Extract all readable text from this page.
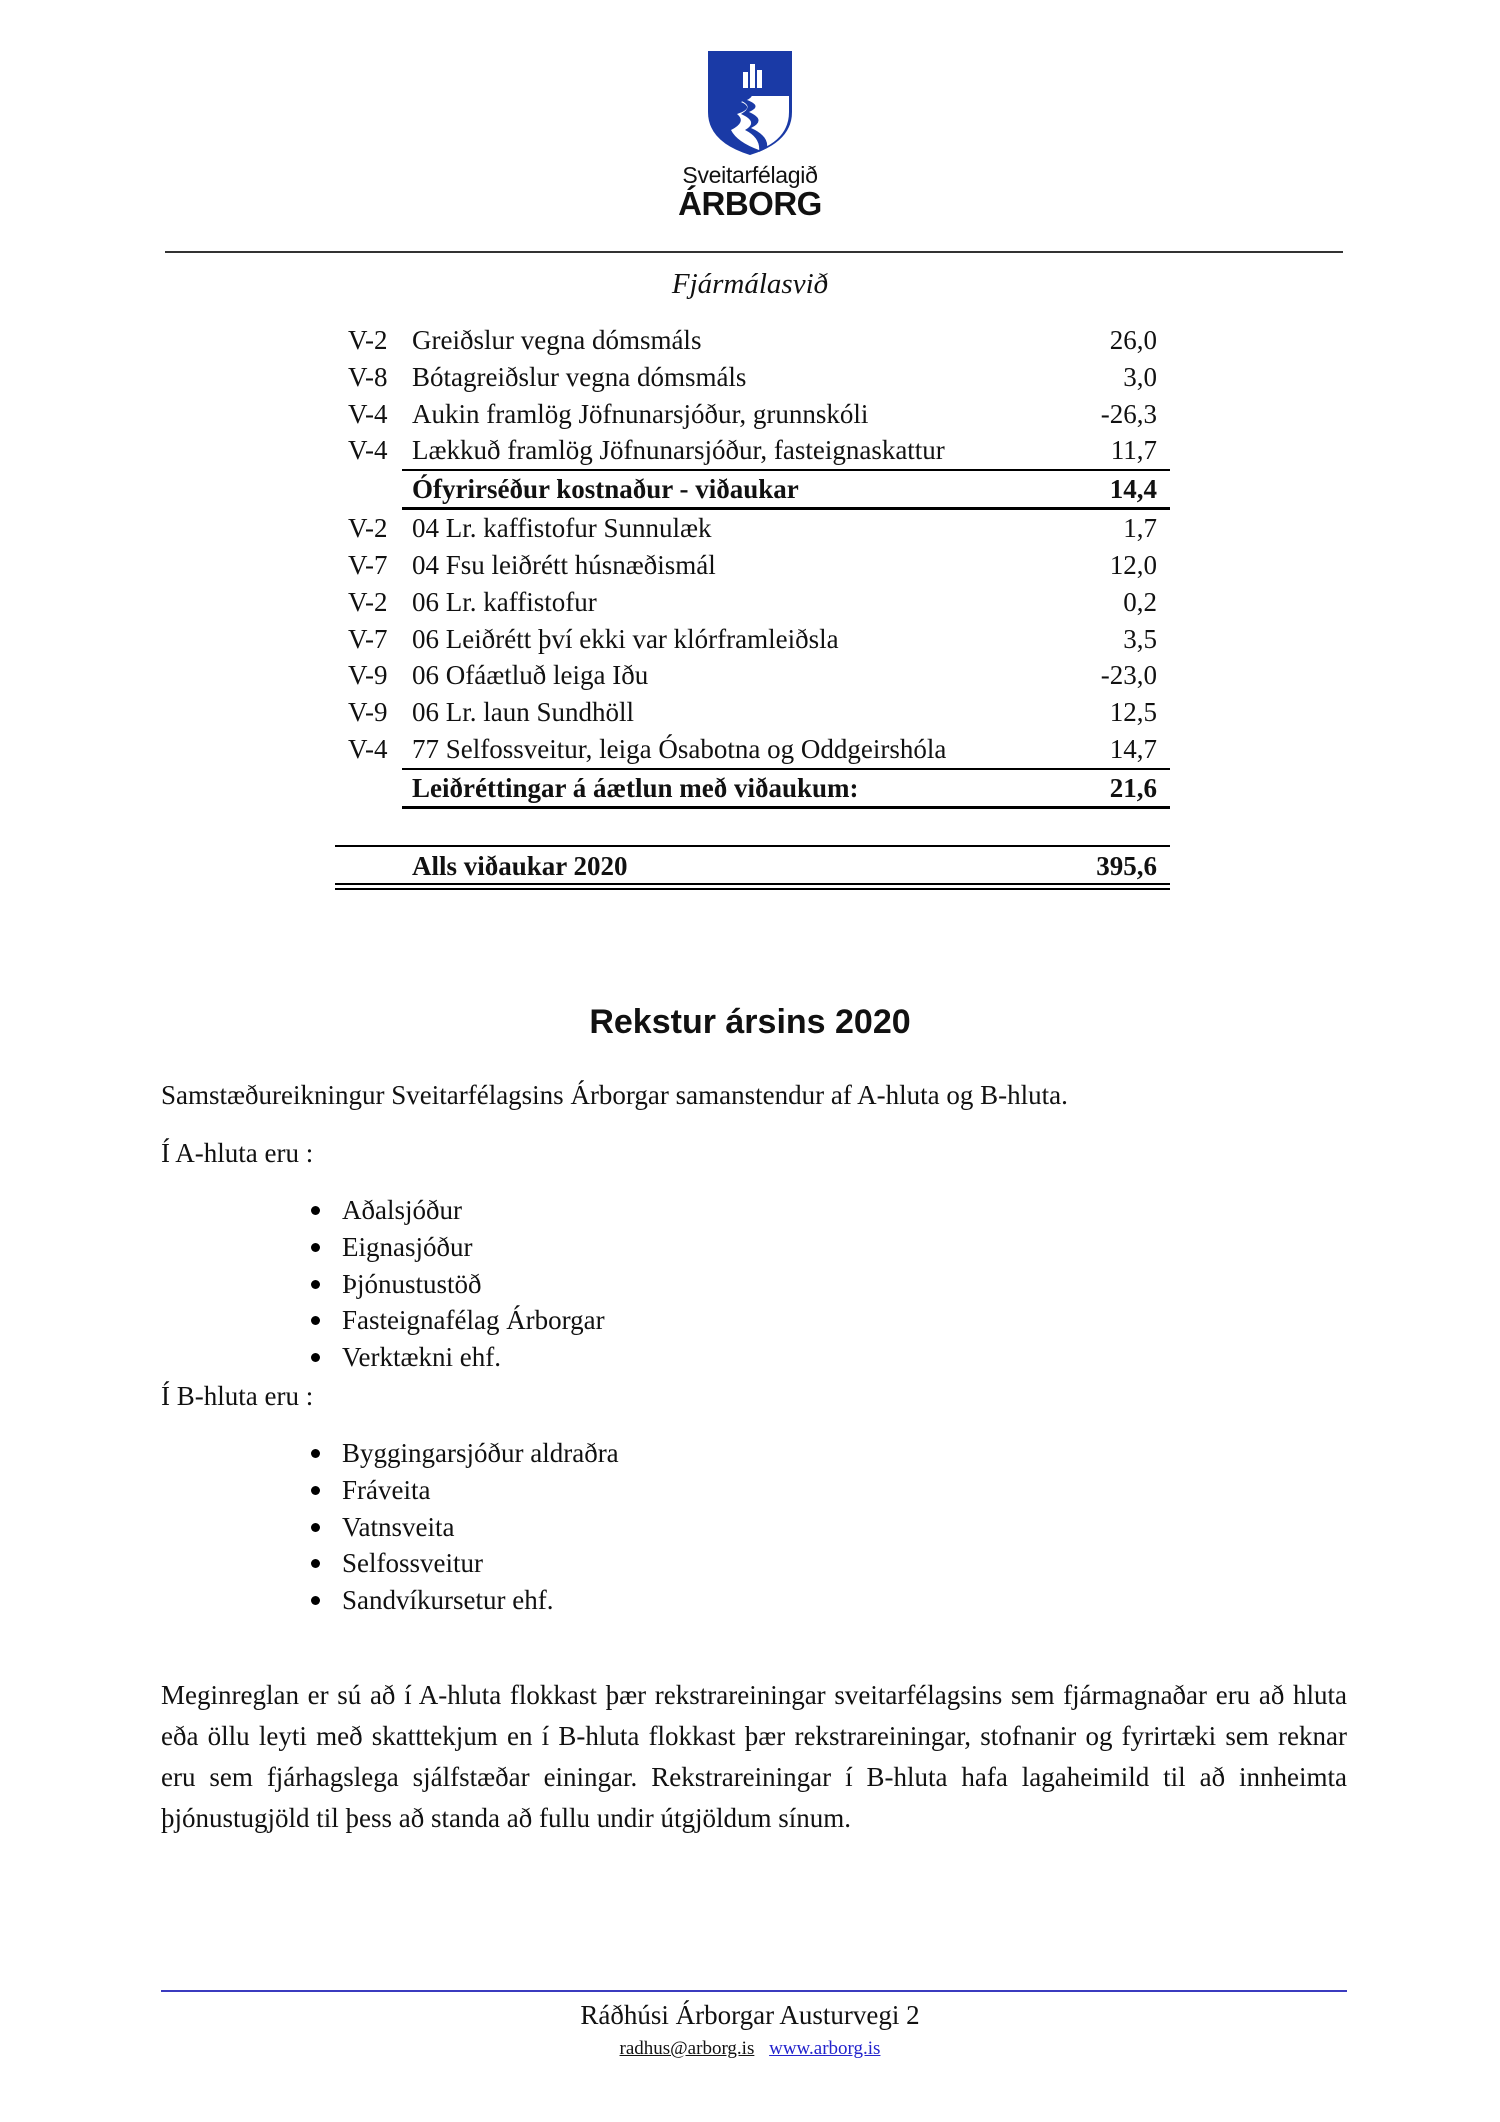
Sveitarfélagið
ÁRBORG
Fjármálasvið
V-2 Greiðslur vegna dómsmáls	26,0
V-8 Bótagreiðslur vegna dómsmáls	3,0
V-4 Aukin framlög Jöfnunarsjóður, grunnskóli	-26,3
V-4 Lækkuð framlög Jöfnunarsjóður, fasteignaskattur	11,7
Ófyrirséður kostnaður - viðaukar	14,4
V-2 04 Lr. kaffistofur Sunnulæk	1,7
V-7 04 Fsu leiðrétt húsnæðismál	12,0
V-2 06 Lr. kaffistofur	0,2
V-7 06 Leiðrétt því ekki var klórframleiðsla	3,5
V-9 06 Ofáætluð leiga Iðu	-23,0
V-9 06 Lr. laun Sundhöll	12,5
V-4 77 Selfossveitur, leiga Ósabotna og Oddgeirshóla	14,7
Leiðréttingar á áætlun með viðaukum:	21,6
Alls viðaukar 2020	395,6
Rekstur ársins 2020
Samstæðureikningur Sveitarfélagsins Árborgar samanstendur af A-hluta og B-hluta.
Í A-hluta eru :
Aðalsjóður
Eignasjóður
Þjónustustöð
Fasteignafélag Árborgar
Verktækni ehf.
Í B-hluta eru :
Byggingarsjóður aldraðra
Fráveita
Vatnsveita
Selfossveitur
Sandvíkursetur ehf.
Meginreglan er sú að í A-hluta flokkast þær rekstrareiningar sveitarfélagsins sem fjármagnaðar eru að hluta eða öllu leyti með skatttekjum en í B-hluta flokkast þær rekstrareiningar, stofnanir og fyrirtæki sem reknar eru sem fjárhagslega sjálfstæðar einingar. Rekstrareiningar í B-hluta hafa lagaheimild til að innheimta þjónustugjöld til þess að standa að fullu undir útgjöldum sínum.
Ráðhúsi Árborgar Austurvegi 2
radhus@arborg.is www.arborg.is
